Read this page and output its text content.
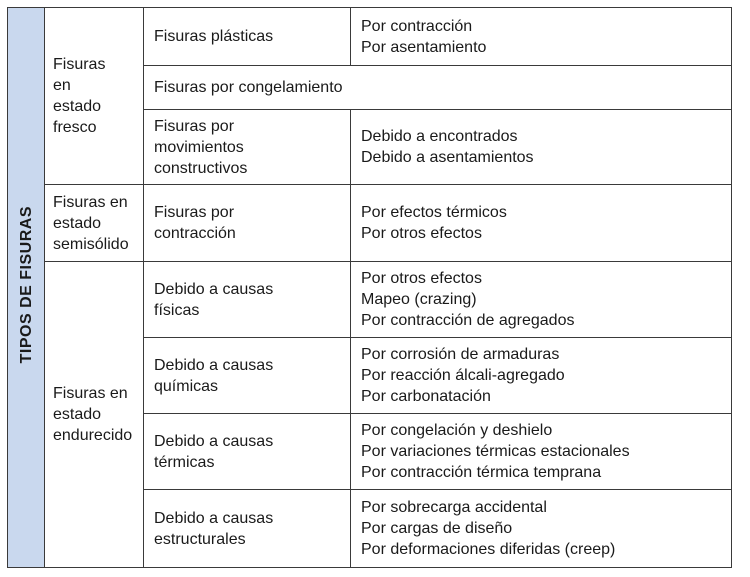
TIPOS DE FISURAS	Fisuras
en
estado
fresco	Fisuras plásticas	Por contracción
Por asentamiento

		Fisuras por congelamiento	

		Fisuras por
movimientos
constructivos	Debido a encontrados
Debido a asentamientos

	Fisuras en
estado
semisólido	Fisuras por
contracción	Por efectos térmicos
Por otros efectos

	Fisuras en
estado
endurecido	Debido a causas
físicas	Por otros efectos
Mapeo (crazing)
Por contracción de agregados

		Debido a causas
químicas	Por corrosión de armaduras
Por reacción álcali-agregado
Por carbonatación

		Debido a causas
térmicas	Por congelación y deshielo
Por variaciones térmicas estacionales
Por contracción térmica temprana

		Debido a causas
estructurales	Por sobrecarga accidental
Por cargas de diseño
Por deformaciones diferidas (creep)
